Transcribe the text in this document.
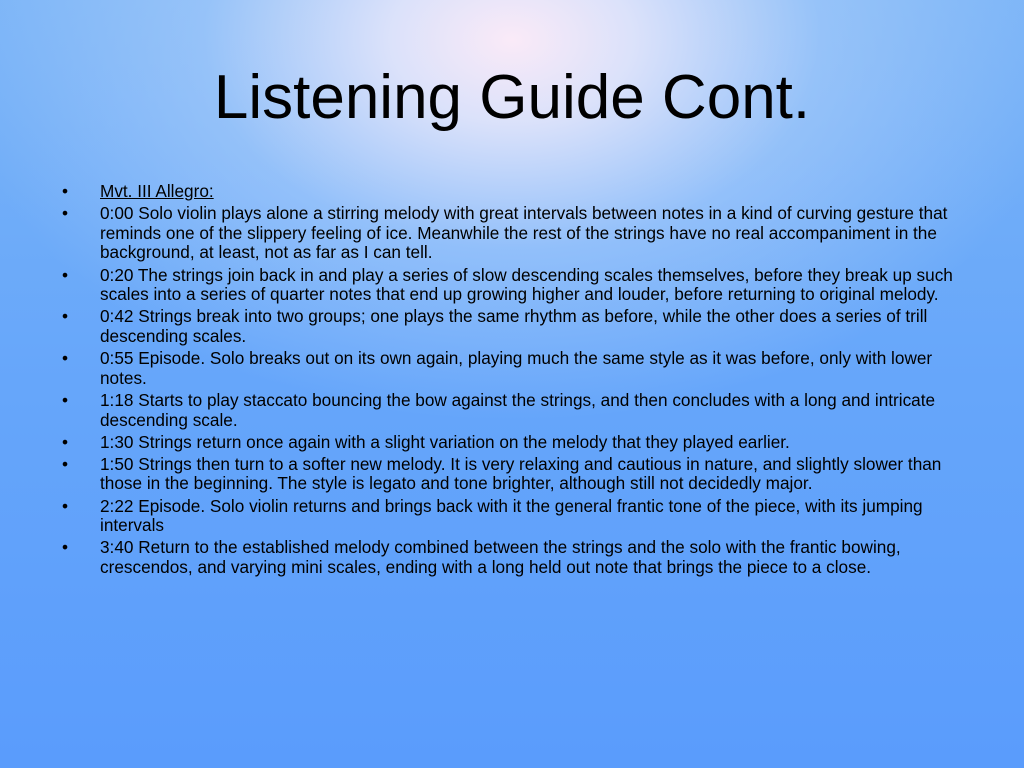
Listening Guide Cont.
• Mvt. III Allegro:
• 0:00 Solo violin plays alone a stirring melody with great intervals between notes in a kind of curving gesture that reminds one of the slippery feeling of ice. Meanwhile the rest of the strings have no real accompaniment in the background, at least, not as far as I can tell.
• 0:20 The strings join back in and play a series of slow descending scales themselves, before they break up such scales into a series of quarter notes that end up growing higher and louder, before returning to original melody.
• 0:42 Strings break into two groups; one plays the same rhythm as before, while the other does a series of trill descending scales.
• 0:55 Episode. Solo breaks out on its own again, playing much the same style as it was before, only with lower notes.
• 1:18 Starts to play staccato bouncing the bow against the strings, and then concludes with a long and intricate descending scale.
• 1:30 Strings return once again with a slight variation on the melody that they played earlier.
• 1:50 Strings then turn to a softer new melody. It is very relaxing and cautious in nature, and slightly slower than those in the beginning. The style is legato and tone brighter, although still not decidedly major.
• 2:22 Episode. Solo violin returns and brings back with it the general frantic tone of the piece, with its jumping intervals
• 3:40 Return to the established melody combined between the strings and the solo with the frantic bowing, crescendos, and varying mini scales, ending with a long held out note that brings the piece to a close.
